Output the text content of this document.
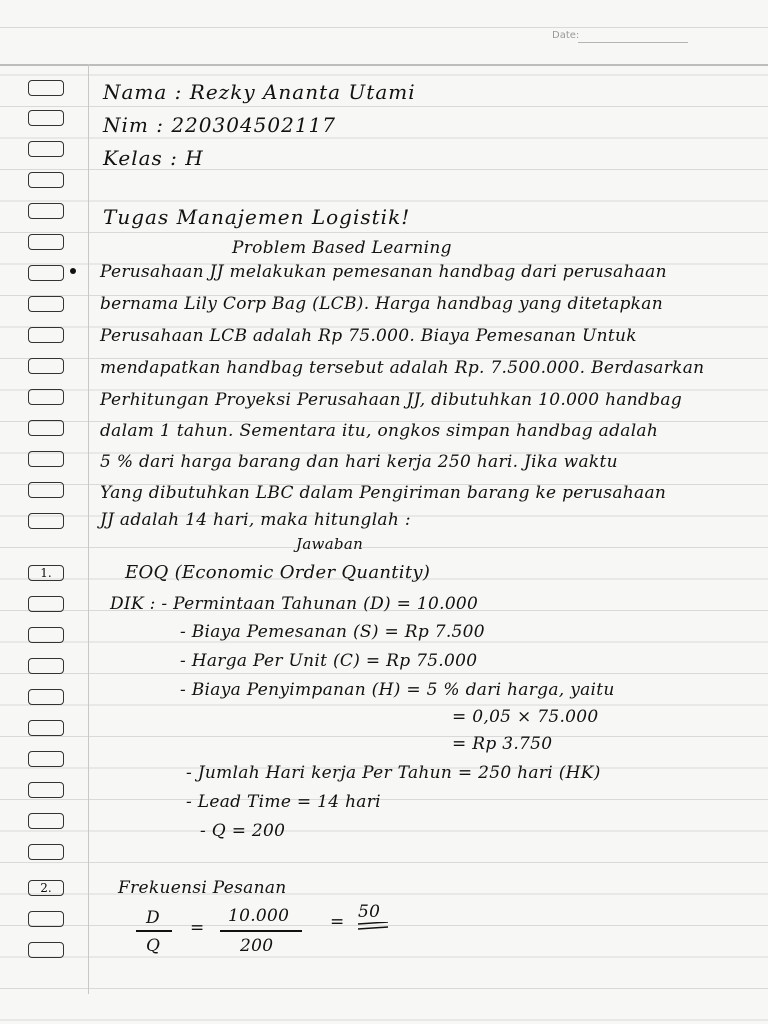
Date:
1.
2.
Nama : Rezky Ananta Utami
Nim : 220304502117
Kelas : H
Tugas Manajemen Logistik!
Problem Based Learning
Perusahaan JJ melakukan pemesanan handbag dari perusahaan
bernama Lily Corp Bag (LCB). Harga handbag yang ditetapkan
Perusahaan LCB adalah Rp 75.000. Biaya Pemesanan Untuk
mendapatkan handbag tersebut adalah Rp. 7.500.000. Berdasarkan
Perhitungan Proyeksi Perusahaan JJ, dibutuhkan 10.000 handbag
dalam 1 tahun. Sementara itu, ongkos simpan handbag adalah
5 % dari harga barang dan hari kerja 250 hari. Jika waktu
Yang dibutuhkan LBC dalam Pengiriman barang ke perusahaan
JJ adalah 14 hari, maka hitunglah :
Jawaban
EOQ (Economic Order Quantity)
DIK : - Permintaan Tahunan (D) = 10.000
- Biaya Pemesanan (S) = Rp 7.500
- Harga Per Unit (C) = Rp 75.000
- Biaya Penyimpanan (H) = 5 % dari harga, yaitu
= 0,05 × 75.000
= Rp 3.750
- Jumlah Hari kerja Per Tahun = 250 hari (HK)
- Lead Time = 14 hari
- Q = 200
Frekuensi Pesanan
D
Q
=
10.000
200
= 50
